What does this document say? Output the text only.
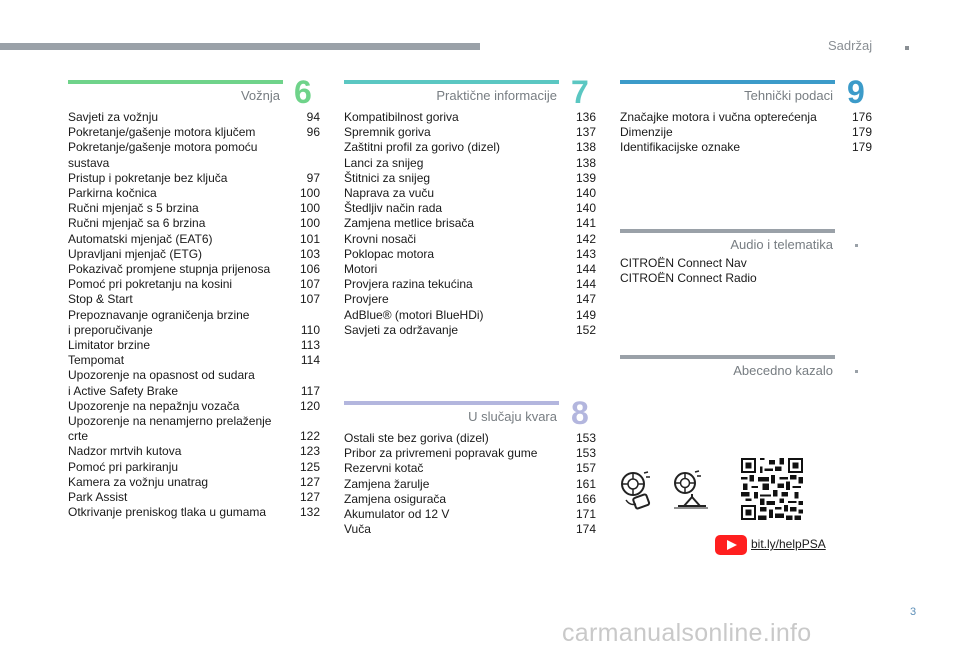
Sadržaj
Vožnja 6
Savjeti za vožnju	94
Pokretanje/gašenje motora ključem	96
Pokretanje/gašenje motora pomoću sustava
Pristup i pokretanje bez ključa	97
Parkirna kočnica	100
Ručni mjenjač s 5 brzina	100
Ručni mjenjač sa 6 brzina	100
Automatski mjenjač (EAT6)	101
Upravljani mjenjač (ETG)	103
Pokazivač promjene stupnja prijenosa 106
Pomoć pri pokretanju na kosini	107
Stop & Start	107
Prepoznavanje ograničenja brzine
i preporučivanje	110
Limitator brzine	113
Tempomat	114
Upozorenje na opasnost od sudara
i Active Safety Brake	117
Upozorenje na nepažnju vozača	120
Upozorenje na nenamjerno prelaženje crte	122
Nadzor mrtvih kutova	123
Pomoć pri parkiranju	125
Kamera za vožnju unatrag	127
Park Assist	127
Otkrivanje preniskog tlaka u gumama	132
Praktične informacije 7
Kompatibilnost goriva	136
Spremnik goriva	137
Zaštitni profil za gorivo (dizel)	138
Lanci za snijeg	138
Štitnici za snijeg	139
Naprava za vuču	140
Štedljiv način rada	140
Zamjena metlice brisača	141
Krovni nosači	142
Poklopac motora	143
Motori	144
Provjera razina tekućina	144
Provjere	147
AdBlue® (motori BlueHDi)	149
Savjeti za održavanje	152
U slučaju kvara 8
Ostali ste bez goriva (dizel)	153
Pribor za privremeni popravak gume	153
Rezervni kotač	157
Zamjena žarulje	161
Zamjena osigurača	166
Akumulator od 12 V	171
Vuča	174
Tehnički podaci 9
Značajke motora i vučna opterećenja	176
Dimenzije	179
Identifikacijske oznake	179
Audio i telematika
CITROËN Connect Nav
CITROËN Connect Radio
Abecedno kazalo
bit.ly/helpPSA
3
carmanualsonline.info
